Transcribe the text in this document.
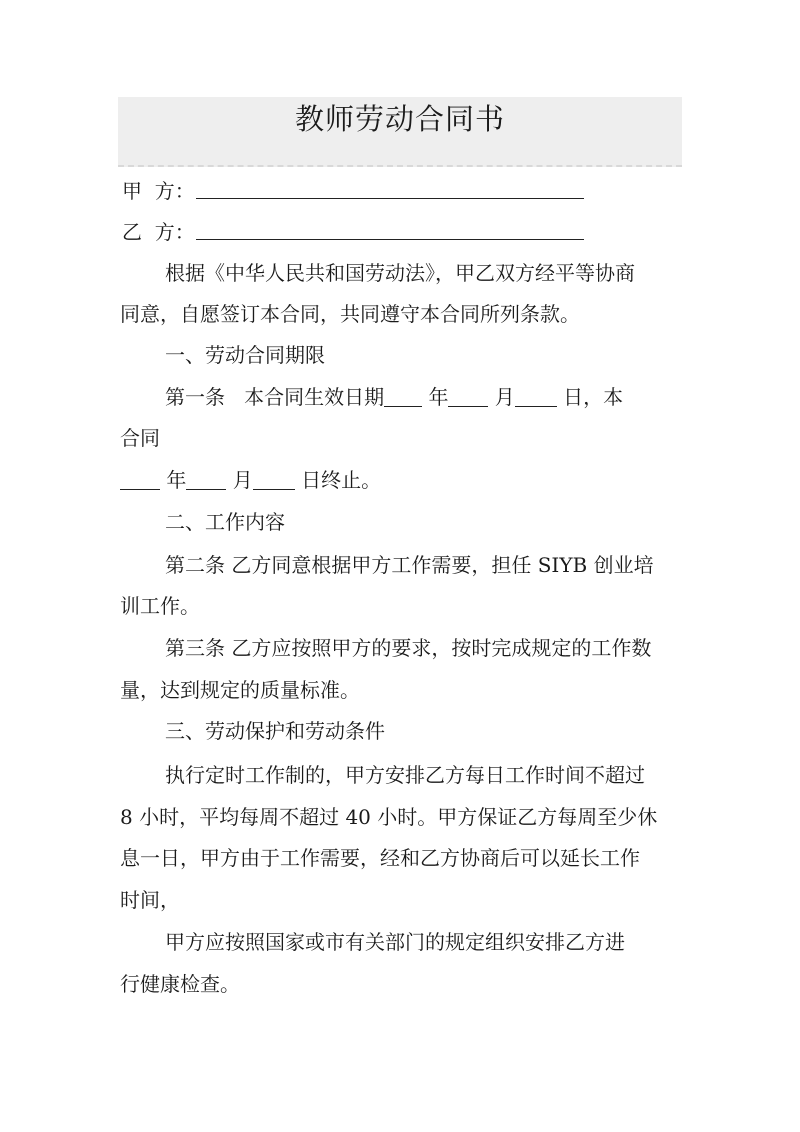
教师劳动合同书
甲  方：
乙  方：
根据《中华人民共和国劳动法》，甲乙双方经平等协商
同意，自愿签订本合同，共同遵守本合同所列条款。
一、劳动合同期限
第一条   本合同生效日期 年 月 日，本
合同
年 月 日终止。
二、工作内容
第二条 乙方同意根据甲方工作需要，担任 SIYB 创业培
训工作。
第三条 乙方应按照甲方的要求，按时完成规定的工作数
量，达到规定的质量标准。
三、劳动保护和劳动条件
执行定时工作制的，甲方安排乙方每日工作时间不超过
8 小时，平均每周不超过 40 小时。甲方保证乙方每周至少休
息一日，甲方由于工作需要，经和乙方协商后可以延长工作
时间，
甲方应按照国家或市有关部门的规定组织安排乙方进
行健康检查。
